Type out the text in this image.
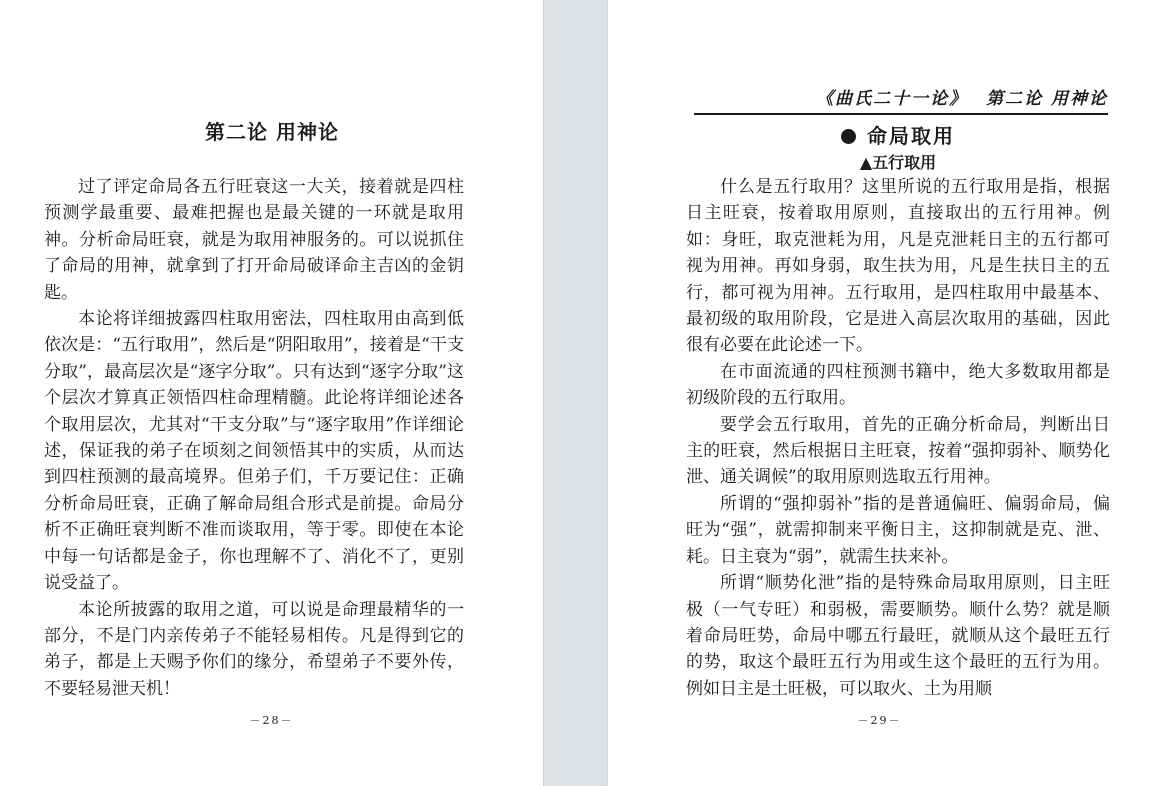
第二论 用神论

过了评定命局各五行旺衰这一大关，接着就是四柱预测学最重要、最难把握也是最关键的一环就是取用神。分析命局旺衰，就是为取用神服务的。可以说抓住了命局的用神，就拿到了打开命局破译命主吉凶的金钥匙。

本论将详细披露四柱取用密法，四柱取用由高到低依次是：“五行取用”，然后是“阴阳取用”，接着是“干支分取”，最高层次是“逐字分取”。只有达到“逐字分取”这个层次才算真正领悟四柱命理精髓。此论将详细论述各个取用层次，尤其对“干支分取”与“逐字取用”作详细论述，保证我的弟子在顷刻之间领悟其中的实质，从而达到四柱预测的最高境界。但弟子们，千万要记住：正确分析命局旺衰，正确了解命局组合形式是前提。命局分析不正确旺衰判断不准而谈取用，等于零。即使在本论中每一句话都是金子，你也理解不了、消化不了，更别说受益了。

本论所披露的取用之道，可以说是命理最精华的一部分，不是门内亲传弟子不能轻易相传。凡是得到它的弟子，都是上天赐予你们的缘分，希望弟子不要外传，不要轻易泄天机！

－28－
《曲氏二十一论》 第二论 用神论
命局取用
▲五行取用

什么是五行取用？这里所说的五行取用是指，根据日主旺衰，按着取用原则，直接取出的五行用神。例如：身旺，取克泄耗为用，凡是克泄耗日主的五行都可视为用神。再如身弱，取生扶为用，凡是生扶日主的五行，都可视为用神。五行取用，是四柱取用中最基本、最初级的取用阶段，它是进入高层次取用的基础，因此很有必要在此论述一下。

在市面流通的四柱预测书籍中，绝大多数取用都是初级阶段的五行取用。

要学会五行取用，首先的正确分析命局，判断出日主的旺衰，然后根据日主旺衰，按着“强抑弱补、顺势化泄、通关调候”的取用原则选取五行用神。

所谓的“强抑弱补”指的是普通偏旺、偏弱命局，偏旺为“强”，就需抑制来平衡日主，这抑制就是克、泄、耗。日主衰为“弱”，就需生扶来补。

所谓“顺势化泄”指的是特殊命局取用原则，日主旺极（一气专旺）和弱极，需要顺势。顺什么势？就是顺着命局旺势，命局中哪五行最旺，就顺从这个最旺五行的势，取这个最旺五行为用或生这个最旺的五行为用。例如日主是土旺极，可以取火、土为用顺

－29－
